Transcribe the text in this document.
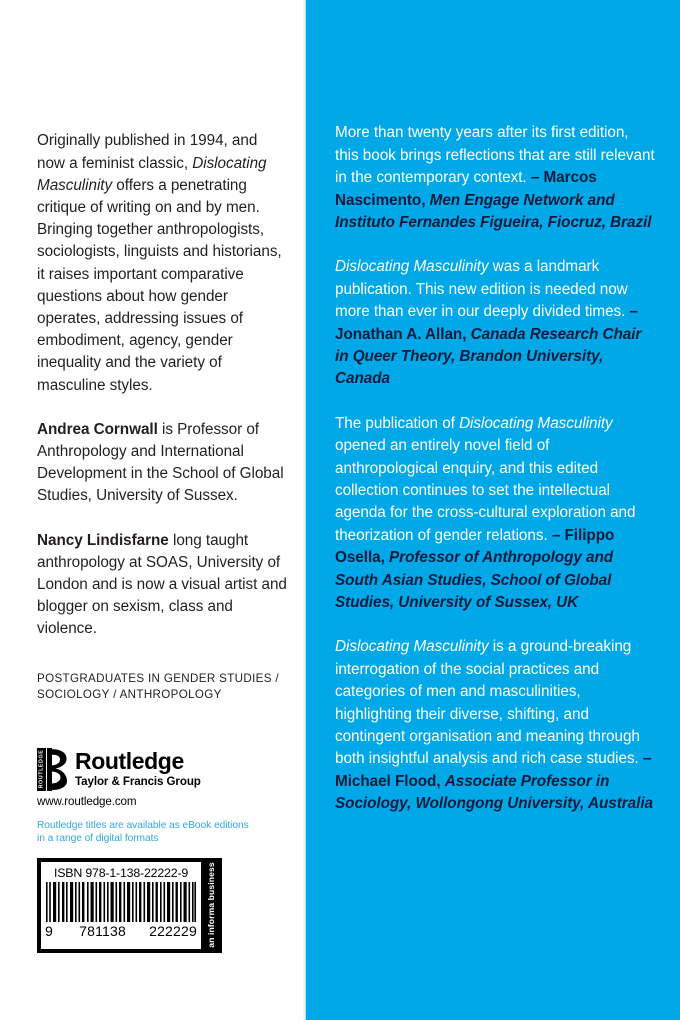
Originally published in 1994, and now a feminist classic, Dislocating Masculinity offers a penetrating critique of writing on and by men. Bringing together anthropologists, sociologists, linguists and historians, it raises important comparative questions about how gender operates, addressing issues of embodiment, agency, gender inequality and the variety of masculine styles.

Andrea Cornwall is Professor of Anthropology and International Development in the School of Global Studies, University of Sussex.

Nancy Lindisfarne long taught anthropology at SOAS, University of London and is now a visual artist and blogger on sexism, class and violence.

POSTGRADUATES IN GENDER STUDIES / SOCIOLOGY / ANTHROPOLOGY

ROUTLEDGE Routledge
Taylor & Francis Group
www.routledge.com

Routledge titles are available as eBook editions in a range of digital formats

ISBN 978-1-138-22222-9
9 781138 222229 an informa business

More than twenty years after its first edition, this book brings reflections that are still relevant in the contemporary context. – Marcos Nascimento, Men Engage Network and Instituto Fernandes Figueira, Fiocruz, Brazil

Dislocating Masculinity was a landmark publication. This new edition is needed now more than ever in our deeply divided times. – Jonathan A. Allan, Canada Research Chair in Queer Theory, Brandon University, Canada

The publication of Dislocating Masculinity opened an entirely novel field of anthropological enquiry, and this edited collection continues to set the intellectual agenda for the cross-cultural exploration and theorization of gender relations. – Filippo Osella, Professor of Anthropology and South Asian Studies, School of Global Studies, University of Sussex, UK

Dislocating Masculinity is a ground-breaking interrogation of the social practices and categories of men and masculinities, highlighting their diverse, shifting, and contingent organisation and meaning through both insightful analysis and rich case studies. – Michael Flood, Associate Professor in Sociology, Wollongong University, Australia
